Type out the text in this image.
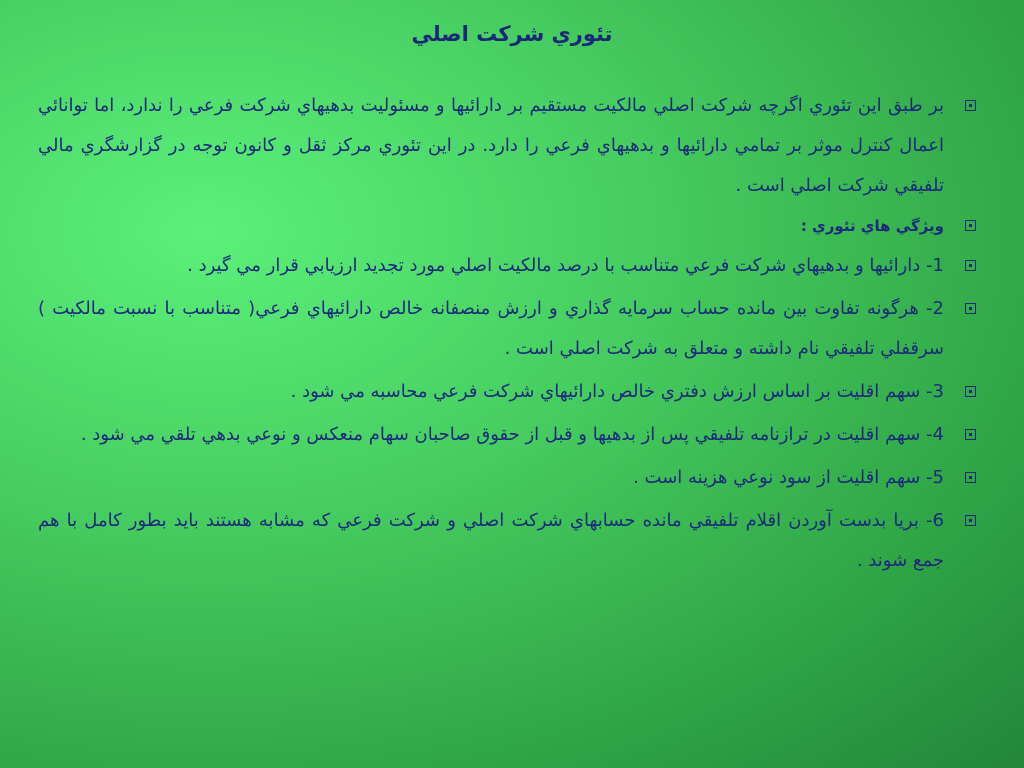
تئوري شرکت اصلي
بر طبق اين تئوري اگرچه شرکت اصلي مالکيت مستقيم بر دارائيها و مسئوليت بدهيهاي شرکت فرعي را ندارد، اما توانائي اعمال کنترل موثر بر تمامي دارائيها و بدهيهاي فرعي را دارد. در اين تئوري مرکز ثقل و کانون توجه در گزارشگري مالي تلفيقي شرکت اصلي است .
ويژگي هاي تئوري :
1- دارائيها و بدهيهاي شرکت فرعي متناسب با درصد مالکيت اصلي مورد تجديد ارزيابي قرار مي گيرد .
2- هرگونه تفاوت بين مانده حساب سرمايه گذاري و ارزش منصفانه خالص دارائيهاي فرعي( متناسب با نسبت مالکيت ) سرقفلي تلفيقي نام داشته و متعلق به شرکت اصلي است .
3- سهم اقليت بر اساس ارزش دفتري خالص دارائيهاي شرکت فرعي محاسبه مي شود .
4- سهم اقليت در ترازنامه تلفيقي پس از بدهيها و قبل از حقوق صاحبان سهام منعکس و نوعي بدهي تلقي مي شود .
5- سهم اقليت از سود نوعي هزينه است .
6- بريا بدست آوردن اقلام تلفيقي مانده حسابهاي شرکت اصلي و شرکت فرعي که مشابه هستند بايد بطور کامل با هم جمع شوند .
